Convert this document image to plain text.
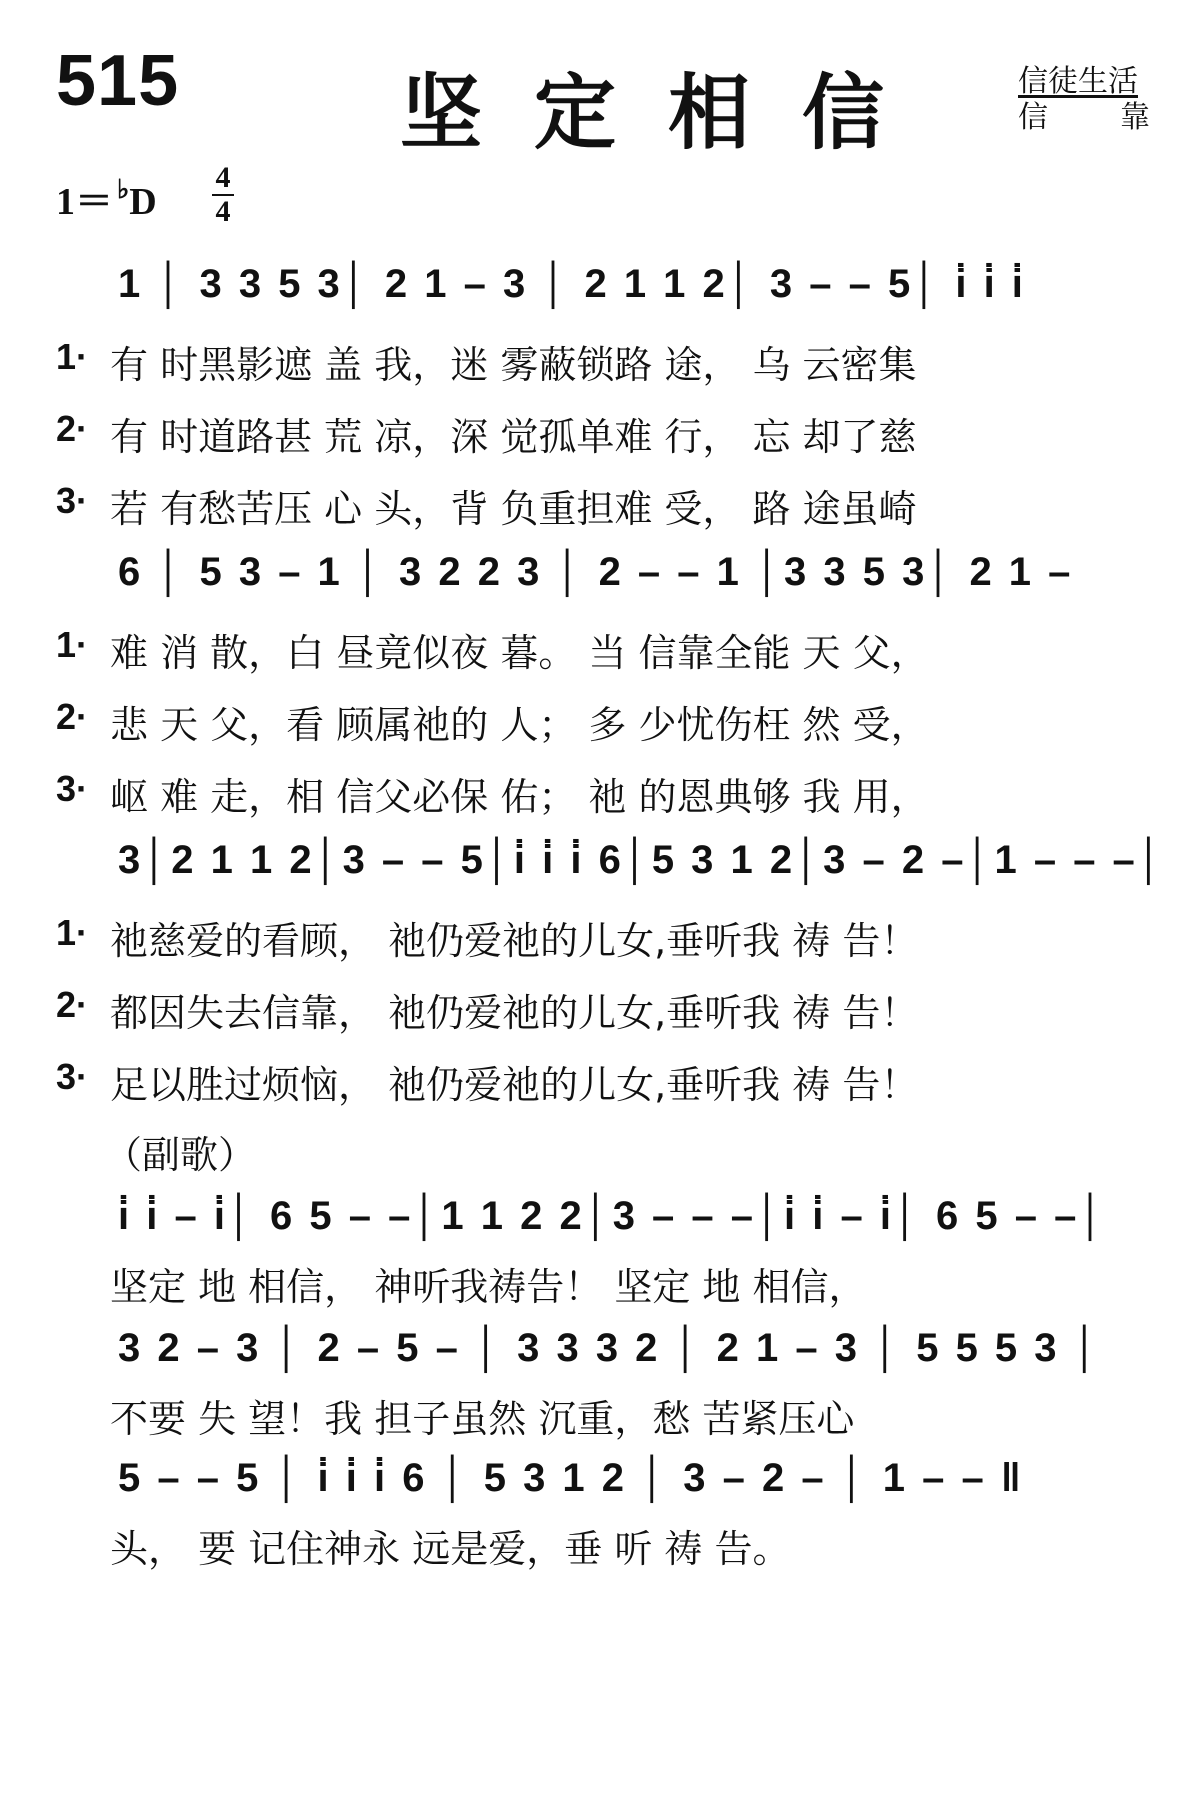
515	坚定相信	信徒生活
信 靠
1＝ ♭D
4
4
1 │ 3 3 5 3│ 2 1 – 3 │ 2 1 1 2│ 3 – – 5│ i̇ i̇ i̇
1· 有 时黑影遮 盖 我，迷 雾蔽锁路 途， 乌 云密集
2· 有 时道路甚 荒 凉，深 觉孤单难 行， 忘 却了慈
3· 若 有愁苦压 心 头，背 负重担难 受， 路 途虽崎
6 │ 5 3 – 1 │ 3 2 2 3 │ 2 – – 1 │3 3 5 3│ 2 1 –
1· 难 消 散，白 昼竟似夜 暮。 当 信靠全能 天 父，
2· 悲 天 父，看 顾属祂的 人； 多 少忧伤枉 然 受，
3· 岖 难 走，相 信父必保 佑； 祂 的恩典够 我 用，
3│2 1 1 2│3 – – 5│i̇ i̇ i̇ 6│5 3 1 2│3 – 2 –│1 – – –│
1· 祂慈爱的看顾， 祂仍爱祂的儿女,垂听我 祷 告！
2· 都因失去信靠， 祂仍爱祂的儿女,垂听我 祷 告！
3· 足以胜过烦恼， 祂仍爱祂的儿女,垂听我 祷 告！
（副歌）
i̇ i̇ – i̇│ 6 5 – –│1 1 2 2│3 – – –│i̇ i̇ – i̇│ 6 5 – –│
坚定 地 相信， 神听我祷告！ 坚定 地 相信，
3 2 – 3 │ 2 – 5 – │ 3 3 3 2 │ 2 1 – 3 │ 5 5 5 3 │
不要 失 望！我 担子虽然 沉重，愁 苦紧压心
5 – – 5 │ i̇ i̇ i̇ 6 │ 5 3 1 2 │ 3 – 2 – │ 1 – – ‖
头， 要 记住神永 远是爱，垂 听 祷 告。
